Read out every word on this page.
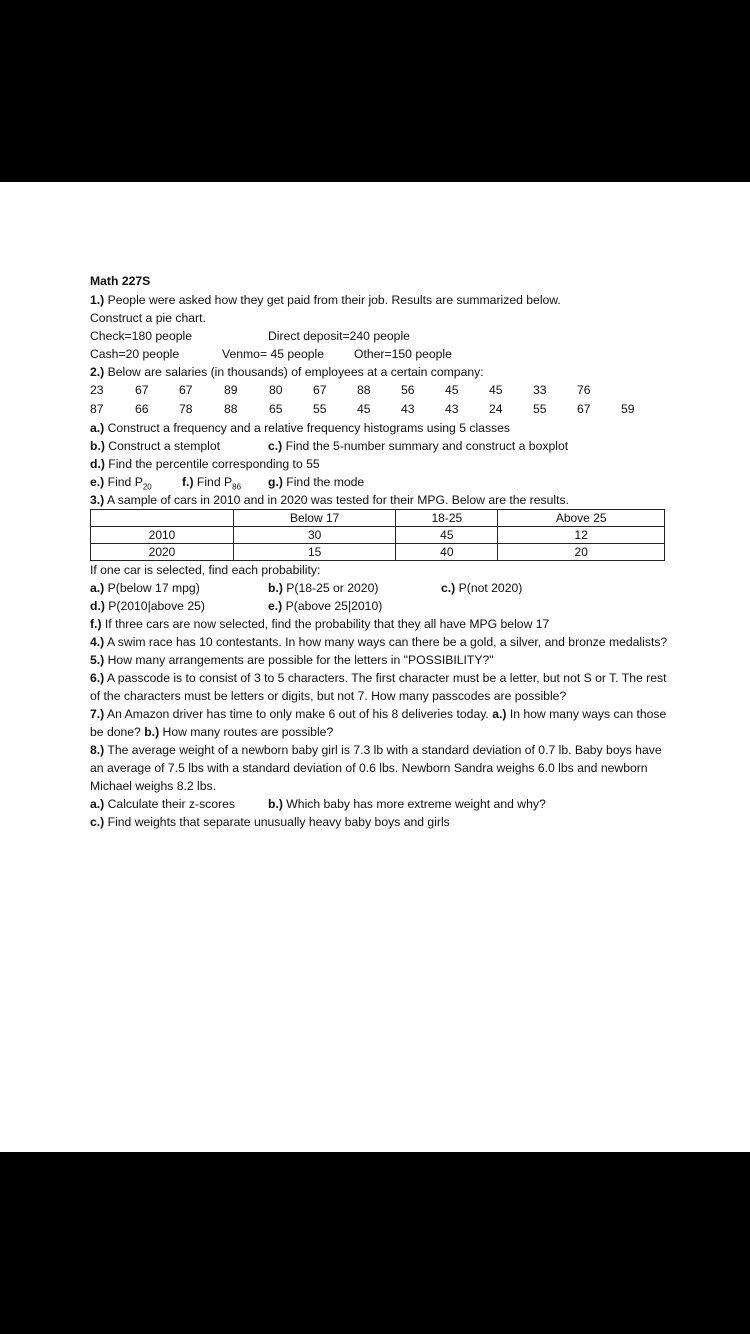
Math 227S
1.) People were asked how they get paid from their job. Results are summarized below.
Construct a pie chart.
Check=180 people	Direct deposit=240 people
Cash=20 people	Venmo= 45 people Other=150 people
2.) Below are salaries (in thousands) of employees at a certain company:
23	67 67	89	80 67 88 56 45 45 33 76
87	66 78	88	65 55 45 43 43 24 55 67 59
a.) Construct a frequency and a relative frequency histograms using 5 classes
b.) Construct a stemplot	c.) Find the 5-number summary and construct a boxplot
d.) Find the percentile corresponding to 55
e.) Find $P_{20}$ f.) Find $P_{86}$ g.) Find the mode
3.) A sample of cars in 2010 and in 2020 was tested for their MPG. Below are the results.
	Below 17	18-25	Above 25
2010	30	45	12
2020	15	40	20
If one car is selected, find each probability:
a.) P(below 17 mpg)	b.) P(18-25 or 2020)	c.) P(not 2020)
d.) P(2010|above 25)	e.) P(above 25|2010)
f.) If three cars are now selected, find the probability that they all have MPG below 17
4.) A swim race has 10 contestants. In how many ways can there be a gold, a silver, and bronze medalists?
5.) How many arrangements are possible for the letters in "POSSIBILITY?"
6.) A passcode is to consist of 3 to 5 characters. The first character must be a letter, but not S or T. The rest of the characters must be letters or digits, but not 7. How many passcodes are possible?
7.) An Amazon driver has time to only make 6 out of his 8 deliveries today. a.) In how many ways can those be done? b.) How many routes are possible?
8.) The average weight of a newborn baby girl is 7.3 lb with a standard deviation of 0.7 lb. Baby boys have an average of 7.5 lbs with a standard deviation of 0.6 lbs. Newborn Sandra weighs 6.0 lbs and newborn Michael weighs 8.2 lbs.
a.) Calculate their z-scores	b.) Which baby has more extreme weight and why?
c.) Find weights that separate unusually heavy baby boys and girls
